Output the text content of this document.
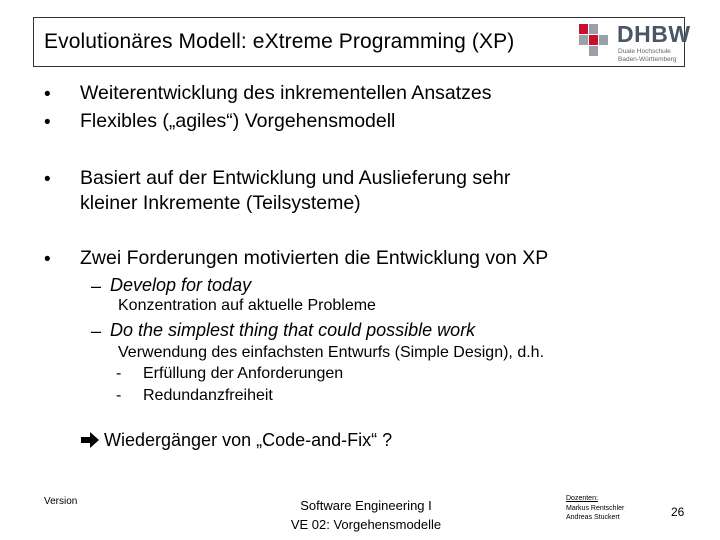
Evolutionäres Modell: eXtreme Programming (XP)	DHBW
Duale Hochschule
Baden-Württemberg
• Weiterentwicklung des inkrementellen Ansatzes
• Flexibles („agiles“) Vorgehensmodell
• Basiert auf der Entwicklung und Auslieferung sehr
kleiner Inkremente (Teilsysteme)
• Zwei Forderungen motivierten die Entwicklung von XP
– Develop for today
Konzentration auf aktuelle Probleme
– Do the simplest thing that could possible work
Verwendung des einfachsten Entwurfs (Simple Design), d.h.
- Erfüllung der Anforderungen
- Redundanzfreiheit
Wiedergänger von „Code-and-Fix“ ?
Version	Software Engineering I
VE 02: Vorgehensmodelle
Dozenten:
Markus Rentschler
Andreas Stuckert	26
